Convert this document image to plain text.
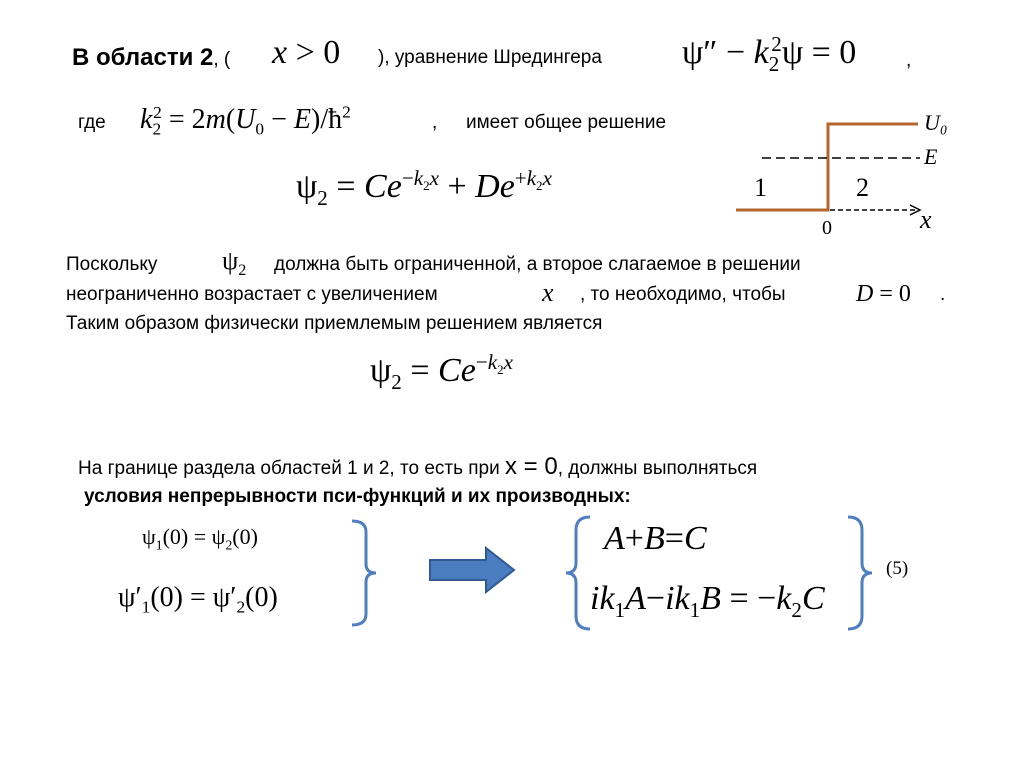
В области 2, ( x > 0 ), уравнение Шредингера $\psi'' - k_2^2\psi = 0$	,
где $k_2^2 = 2m(U_0$ − $E)/ħ^2$	, имеет общее решение
$\psi_2 = Ce^{-k_2x} + De^{+k_2x}$
U₀
E
1	2
0	x
Поскольку $\psi_2$ должна быть ограниченной, а второе слагаемое в решении
неограниченно возрастает с увеличением	x , то необходимо, чтобы	D = 0 .
Таким образом физически приемлемым решением является
$\psi_2 = Ce^{-k_2x}$
На границе раздела областей 1 и 2, то есть при x = 0, должны выполняться
условия непрерывности пси-функций и их производных:
$\psi_1(0) = \psi_2(0)$
$\psi'_1(0) = \psi'_2(0)$
A+B=C
$ik_1A-ik_1B = -k_2C$
(5)
